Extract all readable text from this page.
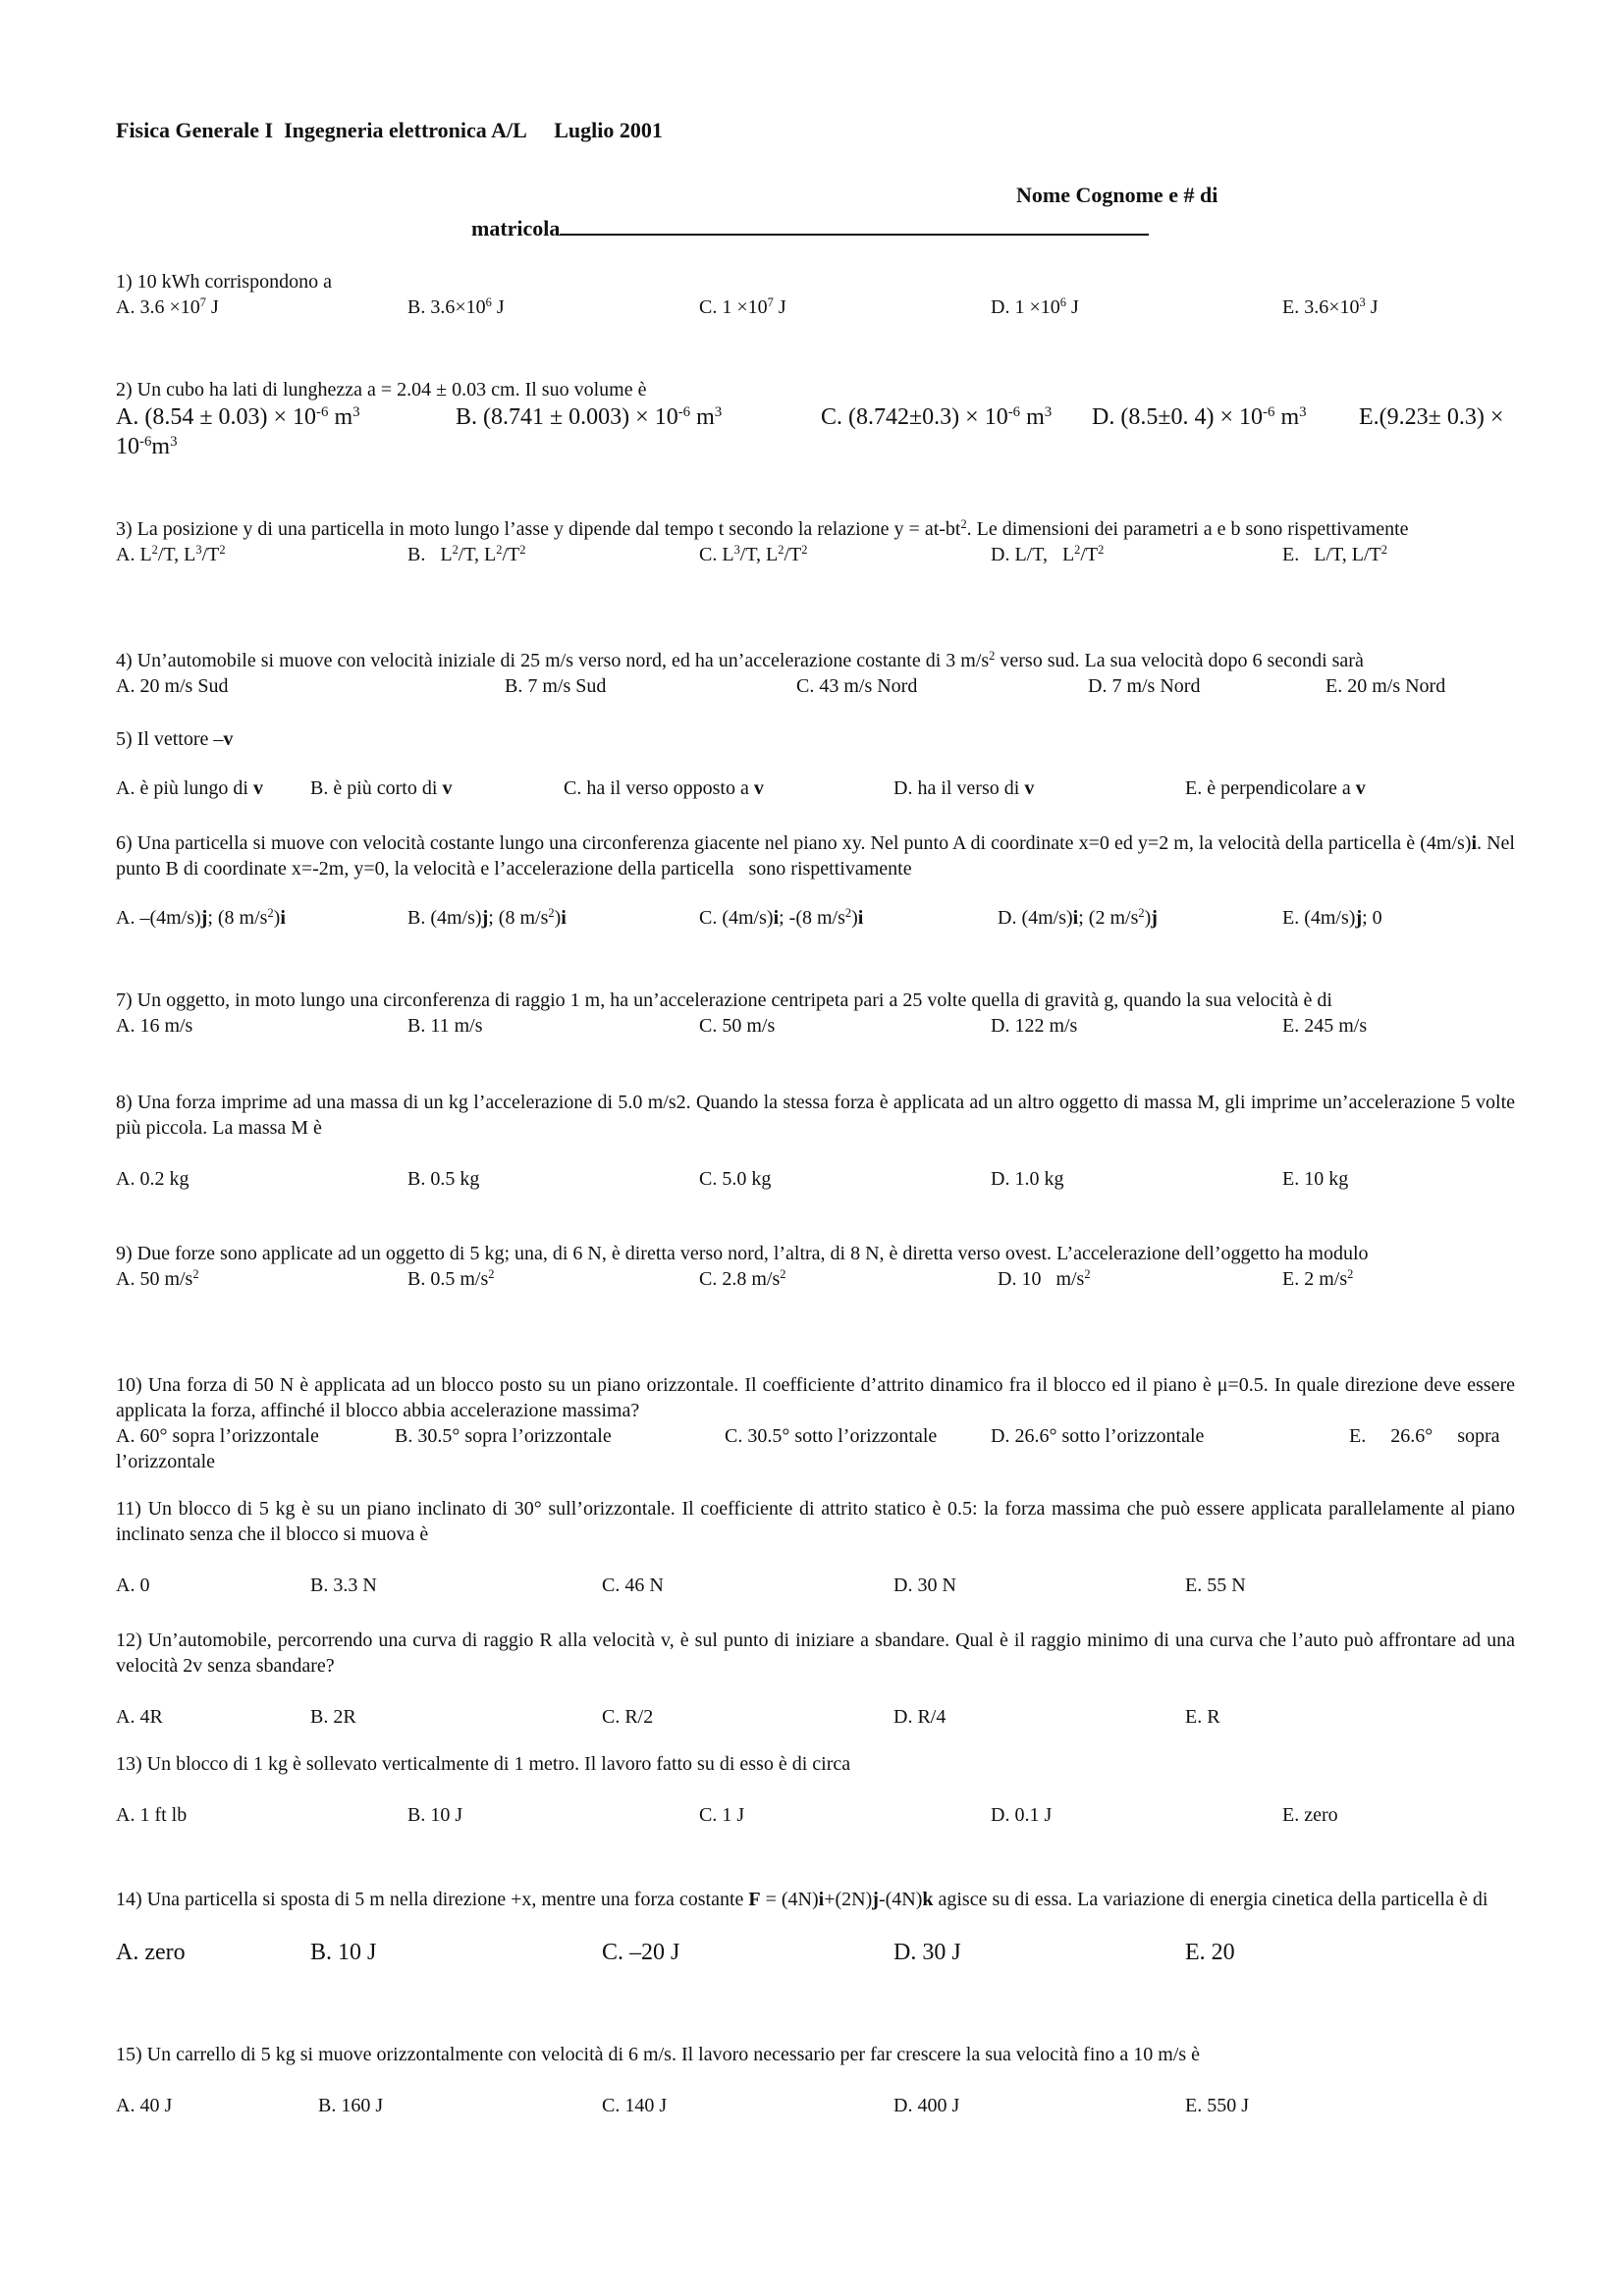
Fisica Generale I Ingegneria elettronica A/L Luglio 2001
Nome Cognome e # di
matricola
1) 10 kWh corrispondono a
A. $3.6 \times 10^7$ J	B. $3.6\times 10^6$ J	C. $1 \times 10^7$ J	D. $1 \times 10^6$ J	E. $3.6\times 10^3$ J
2) Un cubo ha lati di lunghezza a = 2.04 ± 0.03 cm. Il suo volume è
A. $(8.54 \pm 0.03) \times 10^{-6}$ $m^3$	B. $(8.741 \pm 0.003) \times 10^{-6}$ $m^3$	C. $(8.742\pm 0.3) \times 10^{-6}$ $m^3$ D. (8.5±0. $4) \times 10^{-6}$ $m^3$ E.(9.23± 0.3) ×
$10^{-6}m^3$
3) La posizione y di una particella in moto lungo l’asse y dipende dal tempo t secondo la relazione $y = at-bt^2$. Le dimensioni dei parametri a e b sono rispettivamente
A. $L^2/T$, $L^3/T^2$	B.   $L^2/T$, $L^2/T^2$	C. $L^3/T$, $L^2/T^2$	D. L/T,   $L^2/T^2$	E.   L/T, $L/T^2$
4) Un’automobile si muove con velocità iniziale di 25 m/s verso nord, ed ha un’accelerazione costante di 3 $m/s^2$ verso sud. La sua velocità dopo 6 secondi sarà
A. 20 m/s Sud	B. 7 m/s Sud	C. 43 m/s Nord	D. 7 m/s Nord	E. 20 m/s Nord
5) Il vettore –v
A. è più lungo di v B. è più corto di v	C. ha il verso opposto a v	D. ha il verso di v	E. è perpendicolare a v
6) Una particella si muove con velocità costante lungo una circonferenza giacente nel piano xy. Nel punto A di coordinate x=0 ed y=2 m, la velocità della particella è (4m/s)i. Nel punto B di coordinate x=-2m, y=0, la velocità e l’accelerazione della particella   sono rispettivamente
A. –(4m/s)j; (8 $m/s^2)i$	B. (4m/s)j; (8 $m/s^2)i$	C. (4m/s)i; -(8 $m/s^2)i$	D. (4m/s)i; (2 $m/s^2)j$	E. (4m/s)j; 0
7) Un oggetto, in moto lungo una circonferenza di raggio 1 m, ha un’accelerazione centripeta pari a 25 volte quella di gravità g, quando la sua velocità è di
A. 16 m/s	B. 11 m/s	C. 50 m/s	D. 122 m/s	E. 245 m/s
8) Una forza imprime ad una massa di un kg l’accelerazione di 5.0 m/s2. Quando la stessa forza è applicata ad un altro oggetto di massa M, gli imprime un’accelerazione 5 volte più piccola. La massa M è
A. 0.2 kg	B. 0.5 kg	C. 5.0 kg	D. 1.0 kg	E. 10 kg
9) Due forze sono applicate ad un oggetto di 5 kg; una, di 6 N, è diretta verso nord, l’altra, di 8 N, è diretta verso ovest. L’accelerazione dell’oggetto ha modulo
A. 50 $m/s^2$	B. 0.5 $m/s^2$	C. 2.8 $m/s^2$	D. 10   $m/s^2$	E. 2 $m/s^2$
10) Una forza di 50 N è applicata ad un blocco posto su un piano orizzontale. Il coefficiente d’attrito dinamico fra il blocco ed il piano è μ=0.5. In quale direzione deve essere applicata la forza, affinché il blocco abbia accelerazione massima?
A. 60° sopra l’orizzontale	B. 30.5° sopra l’orizzontale	C. 30.5° sotto l’orizzontale	D. 26.6° sotto l’orizzontale	E.     26.6°     sopra
l’orizzontale
11) Un blocco di 5 kg è su un piano inclinato di 30° sull’orizzontale. Il coefficiente di attrito statico è 0.5: la forza massima che può essere applicata parallelamente al piano inclinato senza che il blocco si muova è
A. 0	B. 3.3 N	C. 46 N	D. 30 N	E. 55 N
12) Un’automobile, percorrendo una curva di raggio R alla velocità v, è sul punto di iniziare a sbandare. Qual è il raggio minimo di una curva che l’auto può affrontare ad una velocità 2v senza sbandare?
A. 4R	B. 2R	C. R/2	D. R/4	E. R
13) Un blocco di 1 kg è sollevato verticalmente di 1 metro. Il lavoro fatto su di esso è di circa
A. 1 ft lb	B. 10 J	C. 1 J	D. 0.1 J	E. zero
14) Una particella si sposta di 5 m nella direzione +x, mentre una forza costante F = (4N)i+(2N)j-(4N)k agisce su di essa. La variazione di energia cinetica della particella è di
A. zero	B. 10 J	C. –20 J	D. 30 J	E. 20
15) Un carrello di 5 kg si muove orizzontalmente con velocità di 6 m/s. Il lavoro necessario per far crescere la sua velocità fino a 10 m/s è
A. 40 J	B. 160 J	C. 140 J	D. 400 J	E. 550 J
